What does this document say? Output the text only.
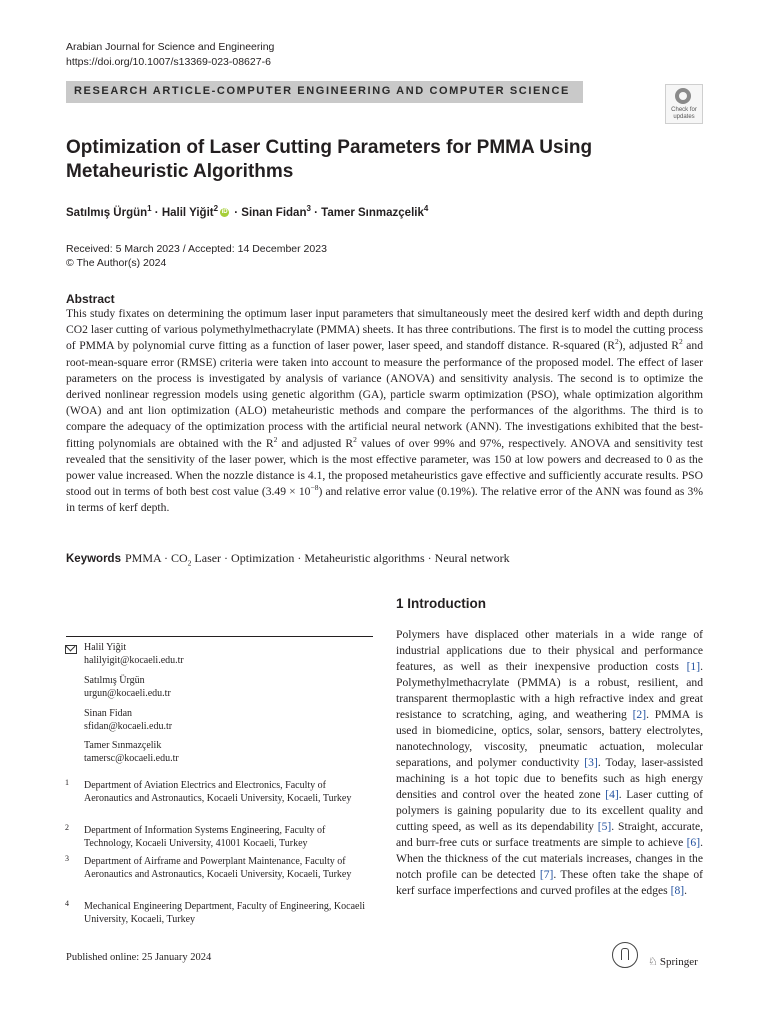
Arabian Journal for Science and Engineering
https://doi.org/10.1007/s13369-023-08627-6
RESEARCH ARTICLE-COMPUTER ENGINEERING AND COMPUTER SCIENCE
Check for
updates
Optimization of Laser Cutting Parameters for PMMA Using Metaheuristic Algorithms
Satılmış Ürgün$^1$ · Halil Yiğit$^2$ iD · Sinan Fidan$^3$ · Tamer Sınmazçelik$^4$
Received: 5 March 2023 / Accepted: 14 December 2023
© The Author(s) 2024
Abstract
This study fixates on determining the optimum laser input parameters that simultaneously meet the desired kerf width and depth during CO2 laser cutting of various polymethylmethacrylate (PMMA) sheets. It has three contributions. The first is to model the cutting process of PMMA by polynomial curve fitting as a function of laser power, laser speed, and standoff distance. R-squared $(R^2)$, adjusted $R^2$ and root-mean-square error (RMSE) criteria were taken into account to measure the performance of the proposed model. The effect of laser parameters on the process is investigated by analysis of variance (ANOVA) and sensitivity analysis. The second is to optimize the derived nonlinear regression models using genetic algorithm (GA), particle swarm optimization (PSO), whale optimization algorithm (WOA) and ant lion optimization (ALO) metaheuristic methods and compare the performances of the algorithms. The third is to compare the adequacy of the optimization process with the artificial neural network (ANN). The investigations exhibited that the best-fitting polynomials are obtained with the $R^2$ and adjusted $R^2$ values of over 99% and 97%, respectively. ANOVA and sensitivity test revealed that the sensitivity of the laser power, which is the most effective parameter, was 150 at low powers and decreased to 0 as the power value increased. When the nozzle distance is 4.1, the proposed metaheuristics gave effective and sufficiently accurate results. PSO stood out in terms of both best cost value $(3.49 \times 10^{-8})$ and relative error value (0.19%). The relative error of the ANN was found as 3% in terms of kerf depth.
Keywords PMMA · $CO_2$ Laser · Optimization · Metaheuristic algorithms · Neural network
1 Introduction
Halil Yiğit
halilyigit@kocaeli.edu.tr
Satılmış Ürgün
urgun@kocaeli.edu.tr
Sinan Fidan
sfidan@kocaeli.edu.tr
Tamer Sınmazçelik
tamersc@kocaeli.edu.tr
1 Department of Aviation Electrics and Electronics, Faculty of Aeronautics and Astronautics, Kocaeli University, Kocaeli, Turkey
2 Department of Information Systems Engineering, Faculty of Technology, Kocaeli University, 41001 Kocaeli, Turkey
3 Department of Airframe and Powerplant Maintenance, Faculty of Aeronautics and Astronautics, Kocaeli University, Kocaeli, Turkey
4 Mechanical Engineering Department, Faculty of Engineering, Kocaeli University, Kocaeli, Turkey
Polymers have displaced other materials in a wide range of industrial applications due to their physical and performance features, as well as their inexpensive production costs [1]. Polymethylmethacrylate (PMMA) is a robust, resilient, and transparent thermoplastic with a high refractive index and great resistance to scratching, aging, and weathering [2]. PMMA is used in biomedicine, optics, solar, sensors, battery electrolytes, nanotechnology, viscosity, pneumatic actuation, molecular separations, and polymer conductivity [3]. Today, laser-assisted machining is a hot topic due to benefits such as high energy densities and control over the heated zone [4]. Laser cutting of polymers is gaining popularity due to its excellent quality and cutting speed, as well as its dependability [5]. Straight, accurate, and burr-free cuts or surface treatments are simple to achieve [6]. When the thickness of the cut materials increases, changes in the notch profile can be detected [7]. These often take the shape of kerf surface imperfections and curved profiles at the edges [8].
Published online: 25 January 2024	♘ Springer
